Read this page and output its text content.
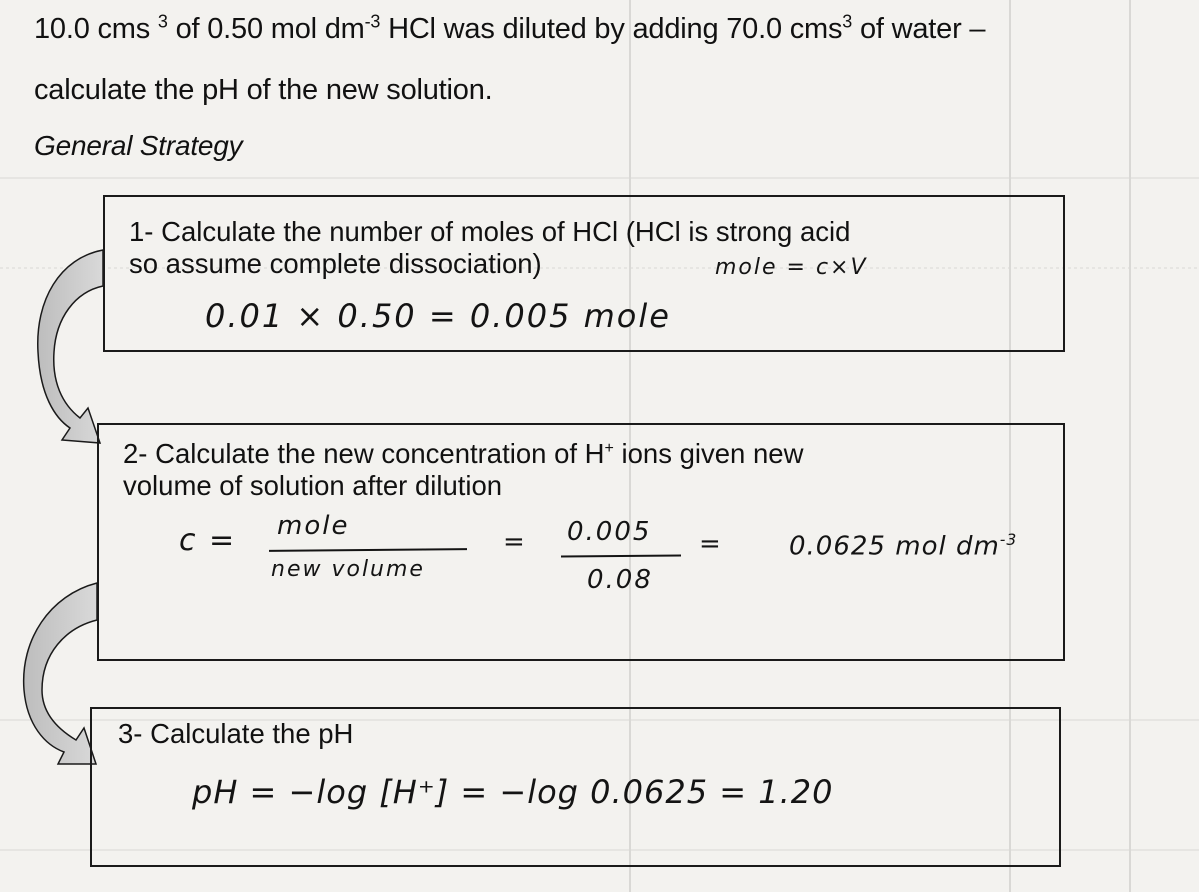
10.0 cms $^3$ of 0.50 mol $dm^{-3}$ HCl was diluted by adding 70.0 cms$^3$ of water –
calculate the pH of the new solution.
General Strategy
1- Calculate the number of moles of HCl (HCl is strong acid
so assume complete dissociation)	mole = c×V
0.01 × 0.50 = 0.005 mole
2- Calculate the new concentration of H+ ions given new
volume of solution after dilution
c = mole
new volume
= 0.005
0.08
=	0.0625 mol $dm^{-3}$
3- Calculate the pH
pH = −log [H⁺] = −log 0.0625 = 1.20
